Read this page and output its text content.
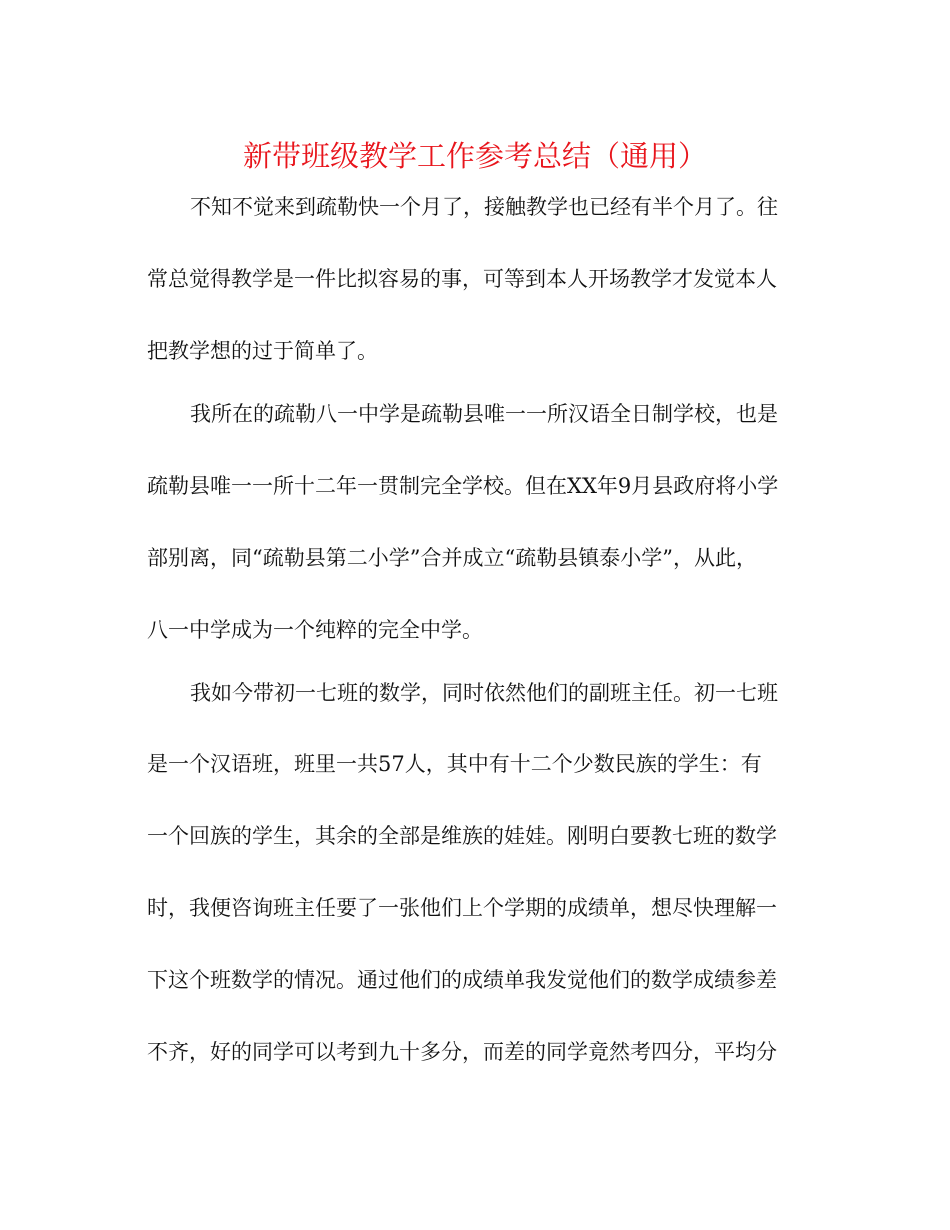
新带班级教学工作参考总结（通用）
不知不觉来到疏勒快一个月了，接触教学也已经有半个月了。往
常总觉得教学是一件比拟容易的事，可等到本人开场教学才发觉本人
把教学想的过于简单了。
我所在的疏勒八一中学是疏勒县唯一一所汉语全日制学校，也是
疏勒县唯一一所十二年一贯制完全学校。但在XX年9月县政府将小学
部别离，同“疏勒县第二小学”合并成立“疏勒县镇泰小学”，从此，
八一中学成为一个纯粹的完全中学。
我如今带初一七班的数学，同时依然他们的副班主任。初一七班
是一个汉语班，班里一共57人，其中有十二个少数民族的学生：有
一个回族的学生，其余的全部是维族的娃娃。刚明白要教七班的数学
时，我便咨询班主任要了一张他们上个学期的成绩单，想尽快理解一
下这个班数学的情况。通过他们的成绩单我发觉他们的数学成绩参差
不齐，好的同学可以考到九十多分，而差的同学竟然考四分，平均分
